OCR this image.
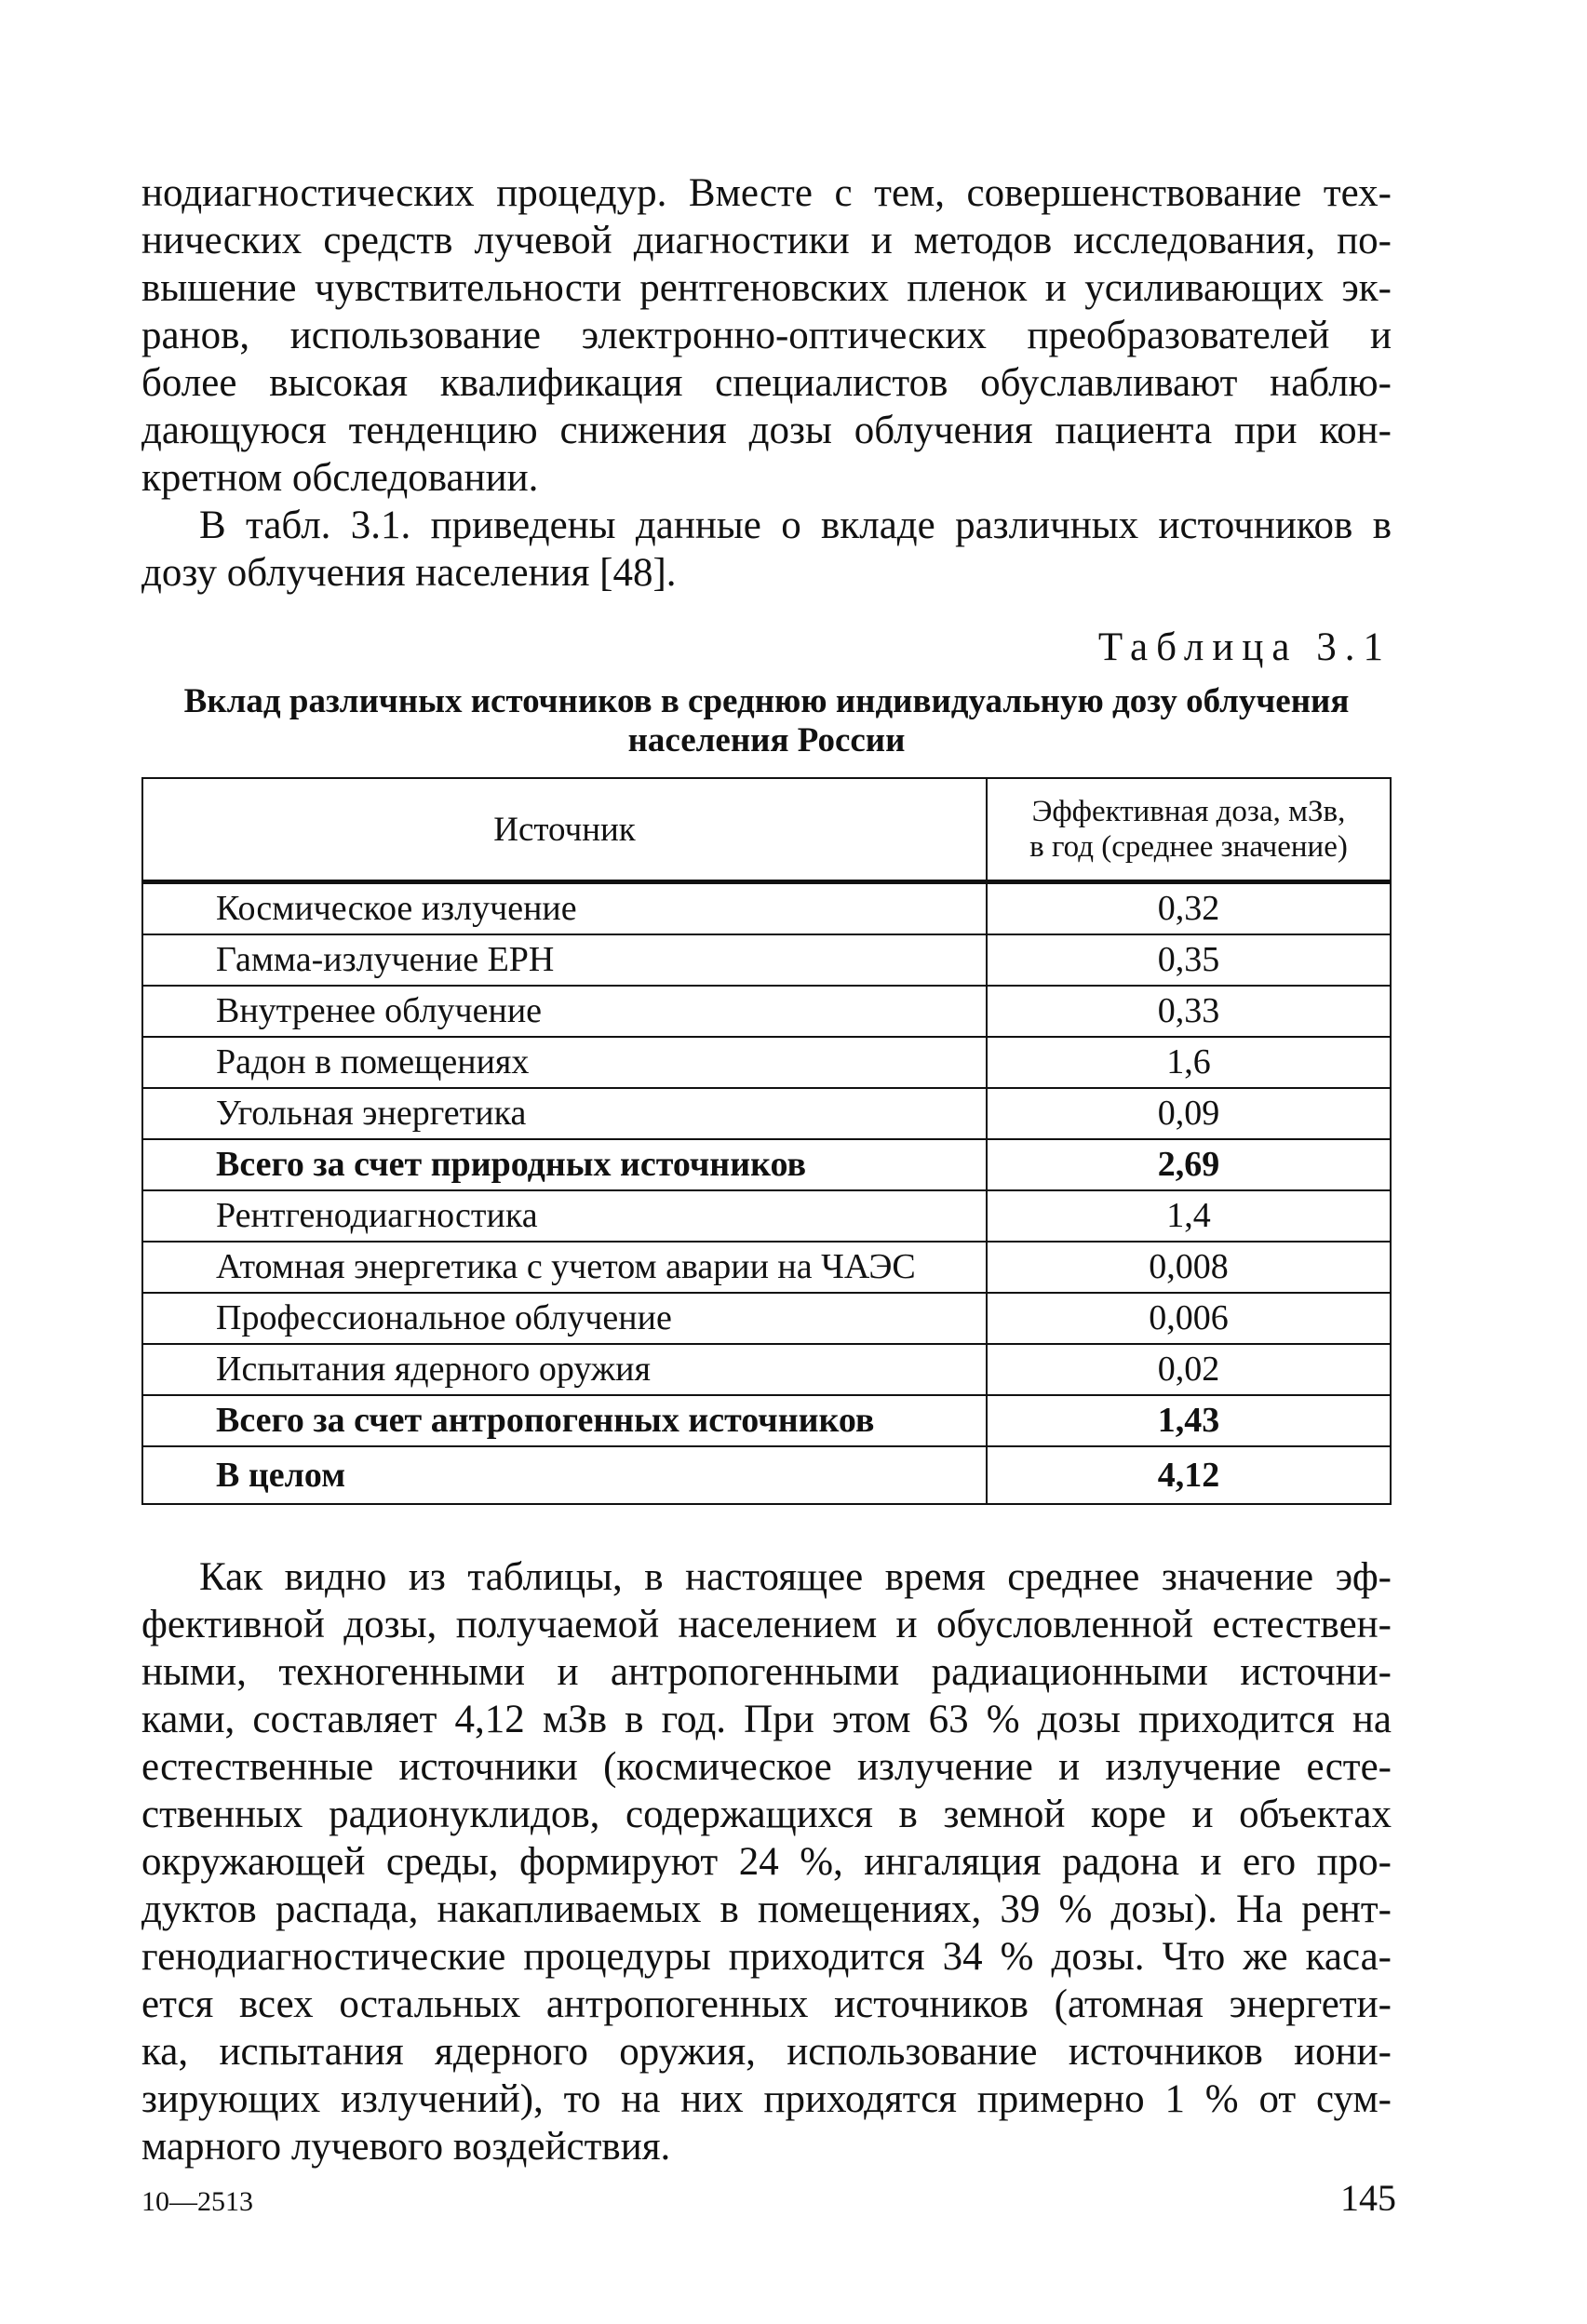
нодиагностических процедур. Вместе с тем, совершенствование тех-
нических средств лучевой диагностики и методов исследования, по-
вышение чувствительности рентгеновских пленок и усиливающих эк-
ранов, использование электронно-оптических преобразователей и
более высокая квалификация специалистов обуславливают наблю-
дающуюся тенденцию снижения дозы облучения пациента при кон-
кретном обследовании.

В табл. 3.1. приведены данные о вкладе различных источников в
дозу облучения населения [48].

Таблица 3.1
Вклад различных источников в среднюю индивидуальную дозу облучения
населения России
Источник	Эффективная доза, мЗв,
в год (среднее значение)

Космическое излучение	0,32
Гамма-излучение ЕРН	0,35
Внутренее облучение	0,33
Радон в помещениях	1,6
Угольная энергетика	0,09
Всего за счет природных источников	2,69
Рентгенодиагностика	1,4
Атомная энергетика с учетом аварии на ЧАЭС	0,008
Профессиональное облучение	0,006
Испытания ядерного оружия	0,02
Всего за счет антропогенных источников	1,43
В целом	4,12

Как видно из таблицы, в настоящее время среднее значение эф-
фективной дозы, получаемой населением и обусловленной естествен-
ными, техногенными и антропогенными радиационными источни-
ками, составляет 4,12 мЗв в год. При этом 63 % дозы приходится на
естественные источники (космическое излучение и излучение есте-
ственных радионуклидов, содержащихся в земной коре и объектах
окружающей среды, формируют 24 %, ингаляция радона и его про-
дуктов распада, накапливаемых в помещениях, 39 % дозы). На рент-
генодиагностические процедуры приходится 34 % дозы. Что же каса-
ется всех остальных антропогенных источников (атомная энергети-
ка, испытания ядерного оружия, использование источников иони-
зирующих излучений), то на них приходятся примерно 1 % от сум-
марного лучевого воздействия.

10—2513	145
